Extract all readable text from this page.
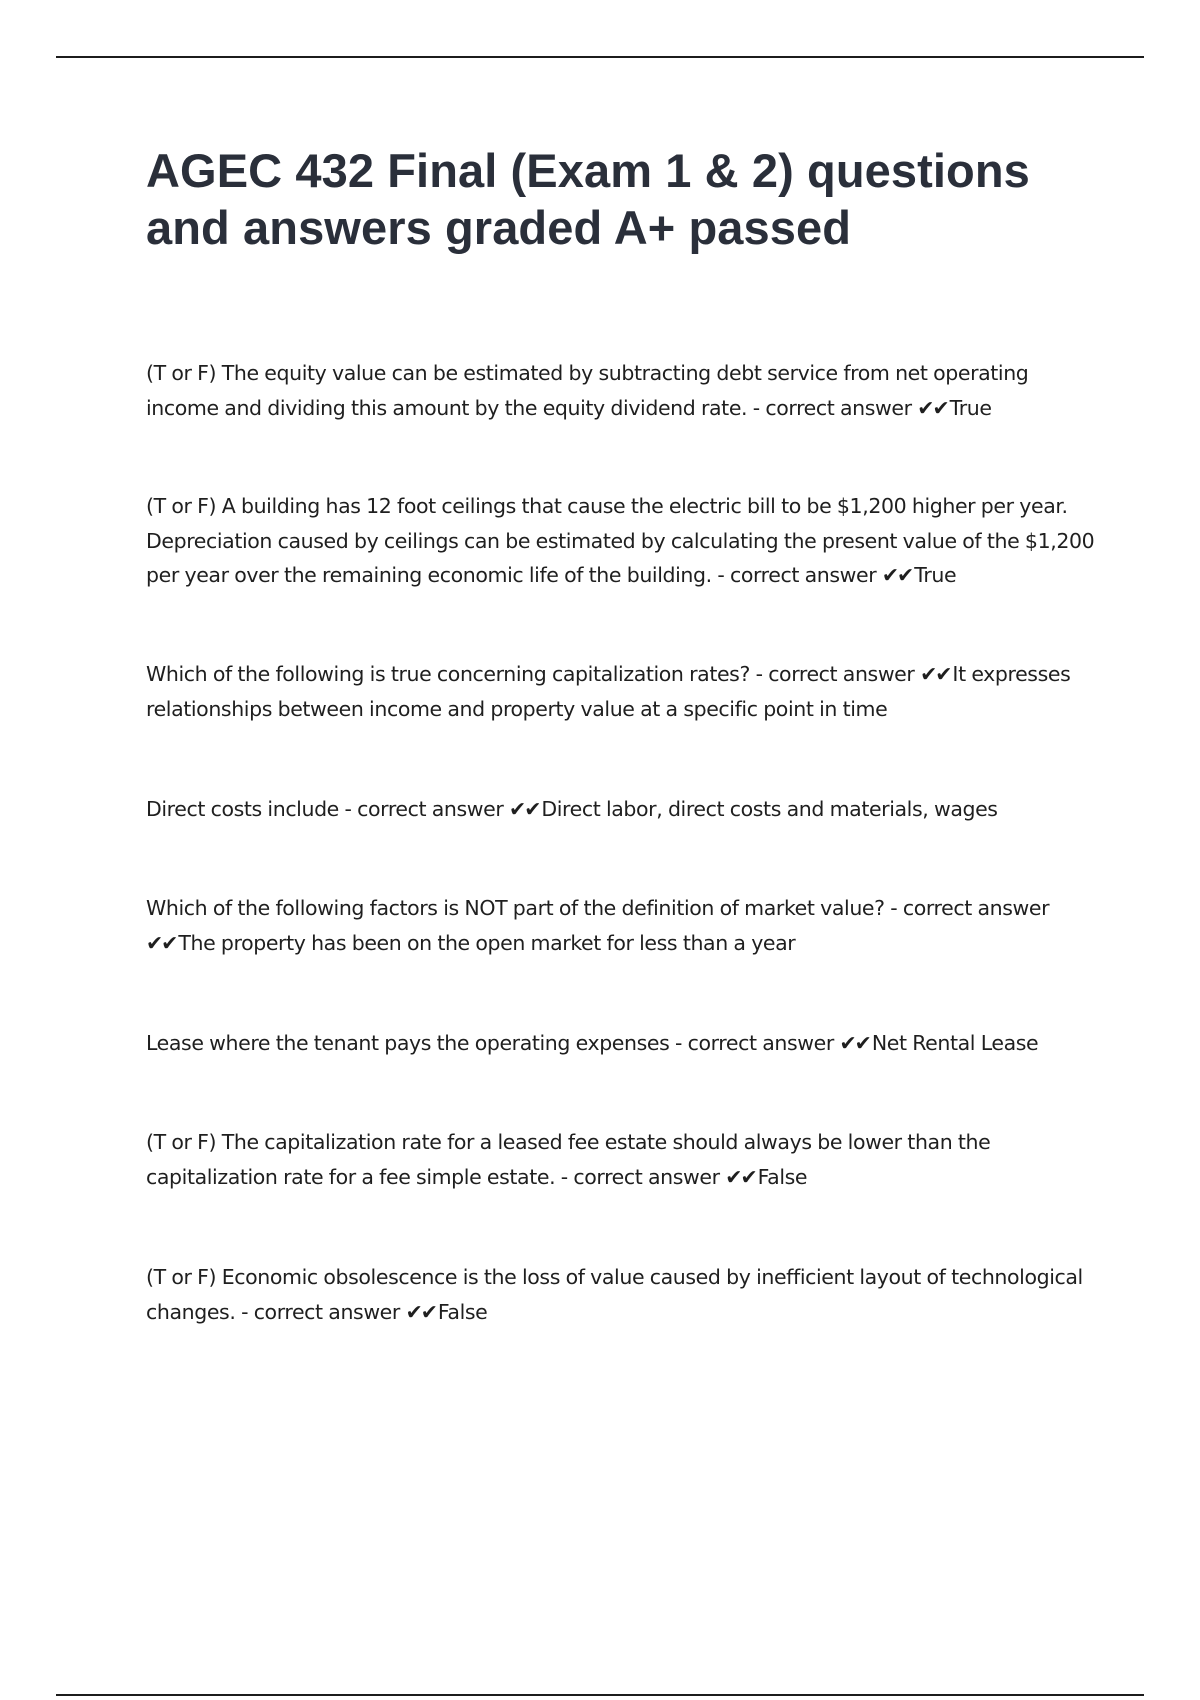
AGEC 432 Final (Exam 1 & 2) questions and answers graded A+ passed
(T or F) The equity value can be estimated by subtracting debt service from net operating income and dividing this amount by the equity dividend rate. - correct answer ✔✔True
(T or F) A building has 12 foot ceilings that cause the electric bill to be $1,200 higher per year. Depreciation caused by ceilings can be estimated by calculating the present value of the $1,200 per year over the remaining economic life of the building. - correct answer ✔✔True
Which of the following is true concerning capitalization rates? - correct answer ✔✔It expresses relationships between income and property value at a specific point in time
Direct costs include - correct answer ✔✔Direct labor, direct costs and materials, wages
Which of the following factors is NOT part of the definition of market value? - correct answer ✔✔The property has been on the open market for less than a year
Lease where the tenant pays the operating expenses - correct answer ✔✔Net Rental Lease
(T or F) The capitalization rate for a leased fee estate should always be lower than the capitalization rate for a fee simple estate. - correct answer ✔✔False
(T or F) Economic obsolescence is the loss of value caused by inefficient layout of technological changes. - correct answer ✔✔False
